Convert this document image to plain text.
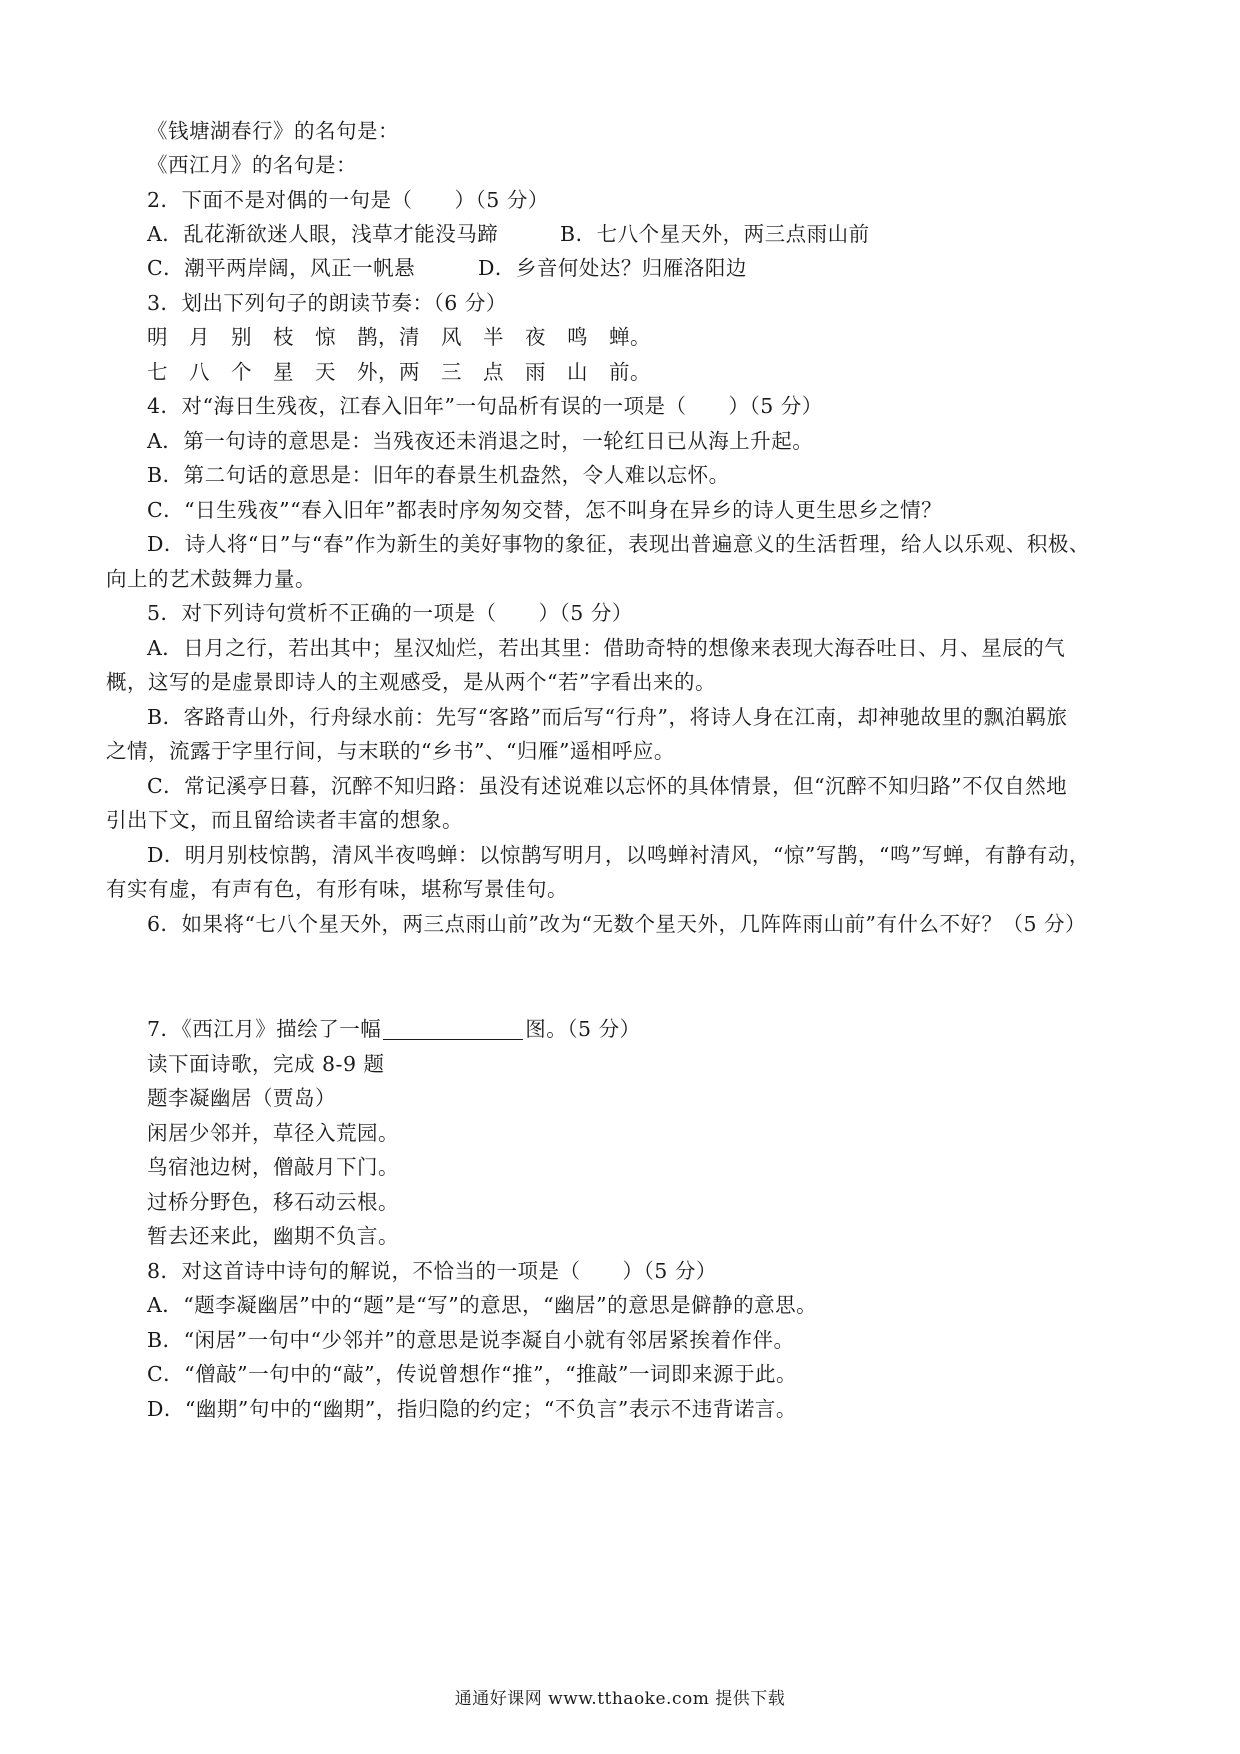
《钱塘湖春行》的名句是：
《西江月》的名句是：
2．下面不是对偶的一句是（　　）（5 分）
A．乱花渐欲迷人眼，浅草才能没马蹄	B．七八个星天外，两三点雨山前
C．潮平两岸阔，风正一帆悬	D．乡音何处达？归雁洛阳边
3．划出下列句子的朗读节奏：（6 分）
明　月　别　枝　惊　鹊，清　风　半　夜　鸣　蝉。
七　八　个　星　天　外，两　三　点　雨　山　前。
4．对“海日生残夜，江春入旧年”一句品析有误的一项是（　　）（5 分）
A．第一句诗的意思是：当残夜还未消退之时，一轮红日已从海上升起。
B．第二句话的意思是：旧年的春景生机盎然，令人难以忘怀。
C．“日生残夜”“春入旧年”都表时序匆匆交替，怎不叫身在异乡的诗人更生思乡之情？
D．诗人将“日”与“春”作为新生的美好事物的象征，表现出普遍意义的生活哲理，给人以乐观、积极、
向上的艺术鼓舞力量。
5．对下列诗句赏析不正确的一项是（　　）（5 分）
A．日月之行，若出其中；星汉灿烂，若出其里：借助奇特的想像来表现大海吞吐日、月、星辰的气
概，这写的是虚景即诗人的主观感受，是从两个“若”字看出来的。
B．客路青山外，行舟绿水前：先写“客路”而后写“行舟”，将诗人身在江南，却神驰故里的飘泊羁旅
之情，流露于字里行间，与末联的“乡书”、“归雁”遥相呼应。
C．常记溪亭日暮，沉醉不知归路：虽没有述说难以忘怀的具体情景，但“沉醉不知归路”不仅自然地
引出下文，而且留给读者丰富的想象。
D．明月别枝惊鹊，清风半夜鸣蝉：以惊鹊写明月，以鸣蝉衬清风，“惊”写鹊，“鸣”写蝉，有静有动，
有实有虚，有声有色，有形有味，堪称写景佳句。
6．如果将“七八个星天外，两三点雨山前”改为“无数个星天外，几阵阵雨山前”有什么不好？（5 分）
7．《西江月》描绘了一幅	图。（5 分）
读下面诗歌，完成 8-9 题
题李凝幽居（贾岛）
闲居少邻并，草径入荒园。
鸟宿池边树，僧敲月下门。
过桥分野色，移石动云根。
暂去还来此，幽期不负言。
8．对这首诗中诗句的解说，不恰当的一项是（　　）（5 分）
A．“题李凝幽居”中的“题”是“写”的意思，“幽居”的意思是僻静的意思。
B．“闲居”一句中“少邻并”的意思是说李凝自小就有邻居紧挨着作伴。
C．“僧敲”一句中的“敲”，传说曾想作“推”，“推敲”一词即来源于此。
D．“幽期”句中的“幽期”，指归隐的约定；“不负言”表示不违背诺言。
通通好课网 www.tthaoke.com 提供下载
